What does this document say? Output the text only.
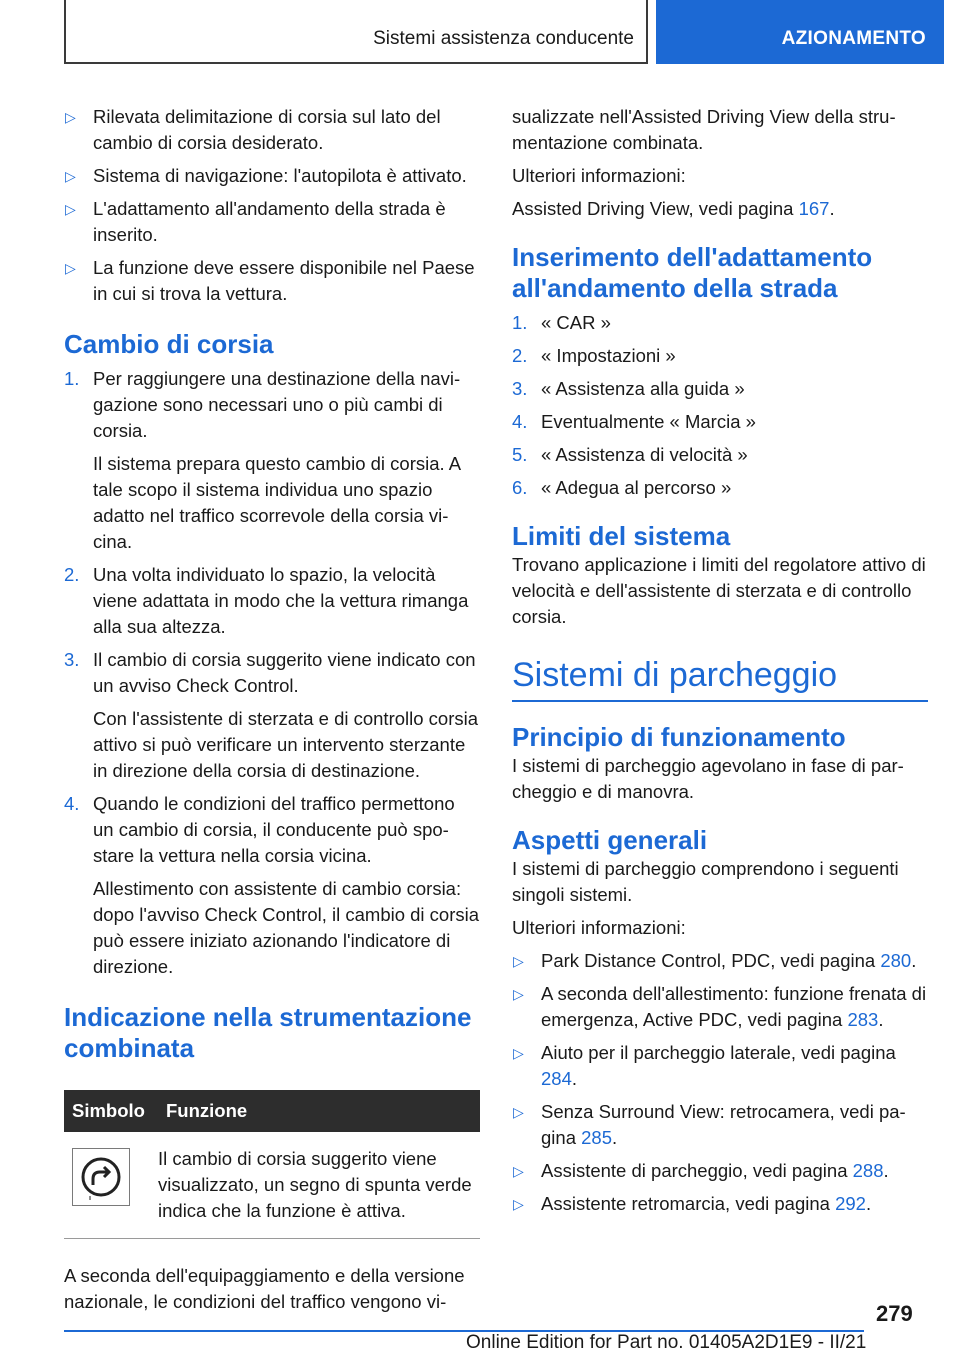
Sistemi assistenza conducente	AZIONAMENTO
▷ Rilevata delimitazione di corsia sul lato del cambio di corsia desiderato.
▷ Sistema di navigazione: l'autopilota è attivato.
▷ L'adattamento all'andamento della strada è inserito.
▷ La funzione deve essere disponibile nel Paese in cui si trova la vettura.
Cambio di corsia
1. Per raggiungere una destinazione della navigazione sono necessari uno o più cambi di corsia.
Il sistema prepara questo cambio di corsia. A tale scopo il sistema individua uno spazio adatto nel traffico scorrevole della corsia vicina.
2. Una volta individuato lo spazio, la velocità viene adattata in modo che la vettura rimanga alla sua altezza.
3. Il cambio di corsia suggerito viene indicato con un avviso Check Control.
Con l'assistente di sterzata e di controllo corsia attivo si può verificare un intervento sterzante in direzione della corsia di destinazione.
4. Quando le condizioni del traffico permettono un cambio di corsia, il conducente può spostare la vettura nella corsia vicina.
Allestimento con assistente di cambio corsia: dopo l'avviso Check Control, il cambio di corsia può essere iniziato azionando l'indicatore di direzione.
Indicazione nella strumentazione combinata
Simbolo	Funzione

	Il cambio di corsia suggerito viene visualizzato, un segno di spunta verde indica che la funzione è attiva.

A seconda dell'equipaggiamento e della versione nazionale, le condizioni del traffico vengono vi-

sualizzate nell'Assisted Driving View della strumentazione combinata.

Ulteriori informazioni:

Assisted Driving View, vedi pagina 167.

Inserimento dell'adattamento all'andamento della strada
1. « CAR »
2. « Impostazioni »
3. « Assistenza alla guida »
4. Eventualmente « Marcia »
5. « Assistenza di velocità »
6. « Adegua al percorso »
Limiti del sistema

Trovano applicazione i limiti del regolatore attivo di velocità e dell'assistente di sterzata e di controllo corsia.

Sistemi di parcheggio
Principio di funzionamento

I sistemi di parcheggio agevolano in fase di parcheggio e di manovra.

Aspetti generali

I sistemi di parcheggio comprendono i seguenti singoli sistemi.

Ulteriori informazioni:

▷ Park Distance Control, PDC, vedi pagina 280.
▷ A seconda dell'allestimento: funzione frenata di emergenza, Active PDC, vedi pagina 283.
▷ Aiuto per il parcheggio laterale, vedi pagina 284.
▷ Senza Surround View: retrocamera, vedi pagina 285.
▷ Assistente di parcheggio, vedi pagina 288.
▷ Assistente retromarcia, vedi pagina 292.
279
Online Edition for Part no. 01405A2D1E9 - II/21
